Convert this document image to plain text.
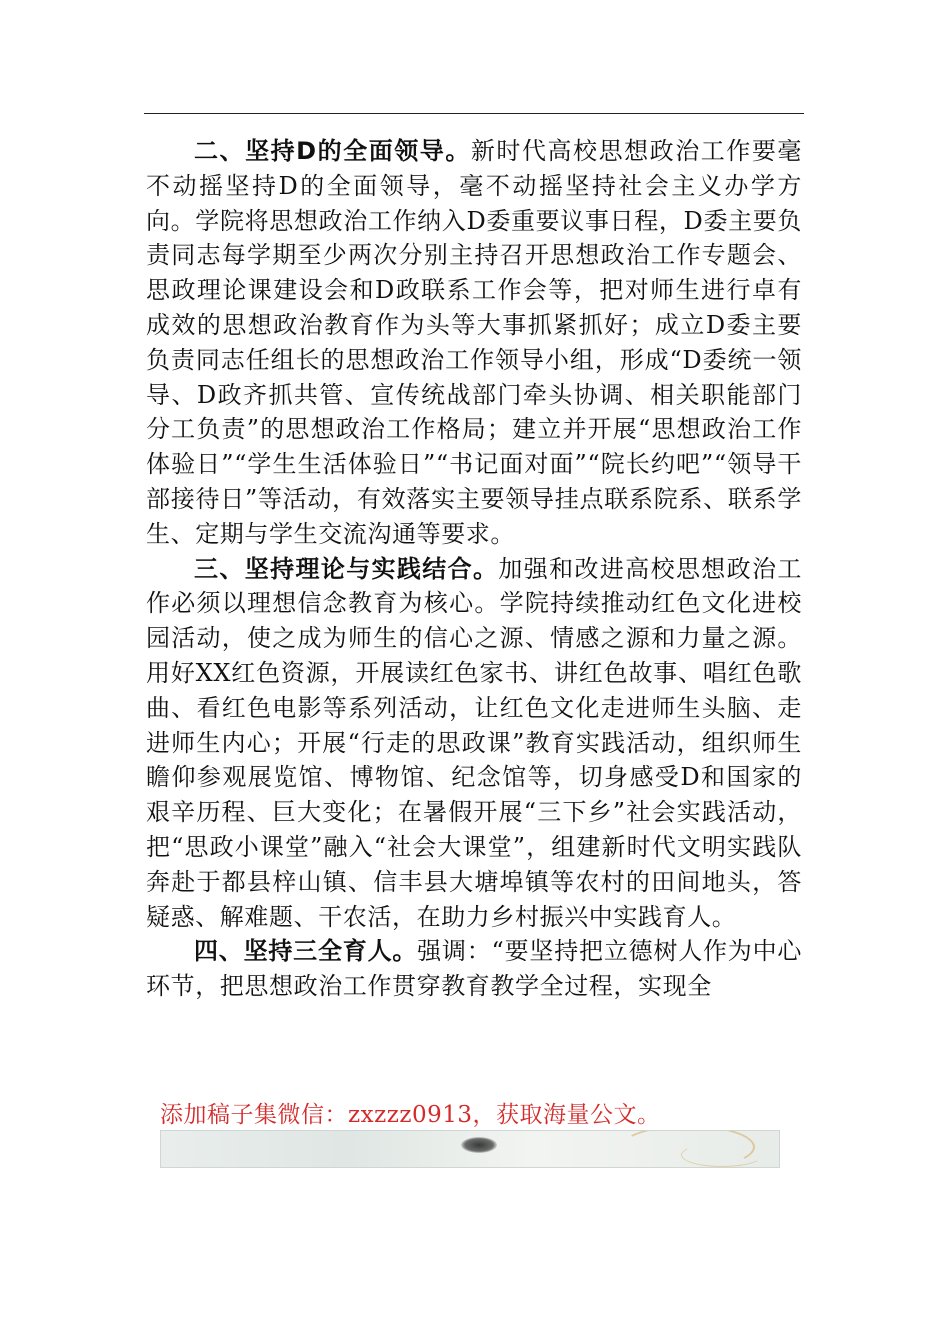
二、坚持D的全面领导。新时代高校思想政治工作要毫不动摇坚持D的全面领导，毫不动摇坚持社会主义办学方向。学院将思想政治工作纳入D委重要议事日程，D委主要负责同志每学期至少两次分别主持召开思想政治工作专题会、思政理论课建设会和D政联系工作会等，把对师生进行卓有成效的思想政治教育作为头等大事抓紧抓好；成立D委主要负责同志任组长的思想政治工作领导小组，形成“D委统一领导、D政齐抓共管、宣传统战部门牵头协调、相关职能部门分工负责”的思想政治工作格局；建立并开展“思想政治工作体验日”“学生生活体验日”“书记面对面”“院长约吧”“领导干部接待日”等活动，有效落实主要领导挂点联系院系、联系学生、定期与学生交流沟通等要求。

三、坚持理论与实践结合。加强和改进高校思想政治工作必须以理想信念教育为核心。学院持续推动红色文化进校园活动，使之成为师生的信心之源、情感之源和力量之源。用好XX红色资源，开展读红色家书、讲红色故事、唱红色歌曲、看红色电影等系列活动，让红色文化走进师生头脑、走进师生内心；开展“行走的思政课”教育实践活动，组织师生瞻仰参观展览馆、博物馆、纪念馆等，切身感受D和国家的艰辛历程、巨大变化；在暑假开展“三下乡”社会实践活动，把“思政小课堂”融入“社会大课堂”，组建新时代文明实践队奔赴于都县梓山镇、信丰县大塘埠镇等农村的田间地头，答疑惑、解难题、干农活，在助力乡村振兴中实践育人。

四、坚持三全育人。强调：“要坚持把立德树人作为中心环节，把思想政治工作贯穿教育教学全过程，实现全

添加稿子集微信：zxzzz0913，获取海量公文。
